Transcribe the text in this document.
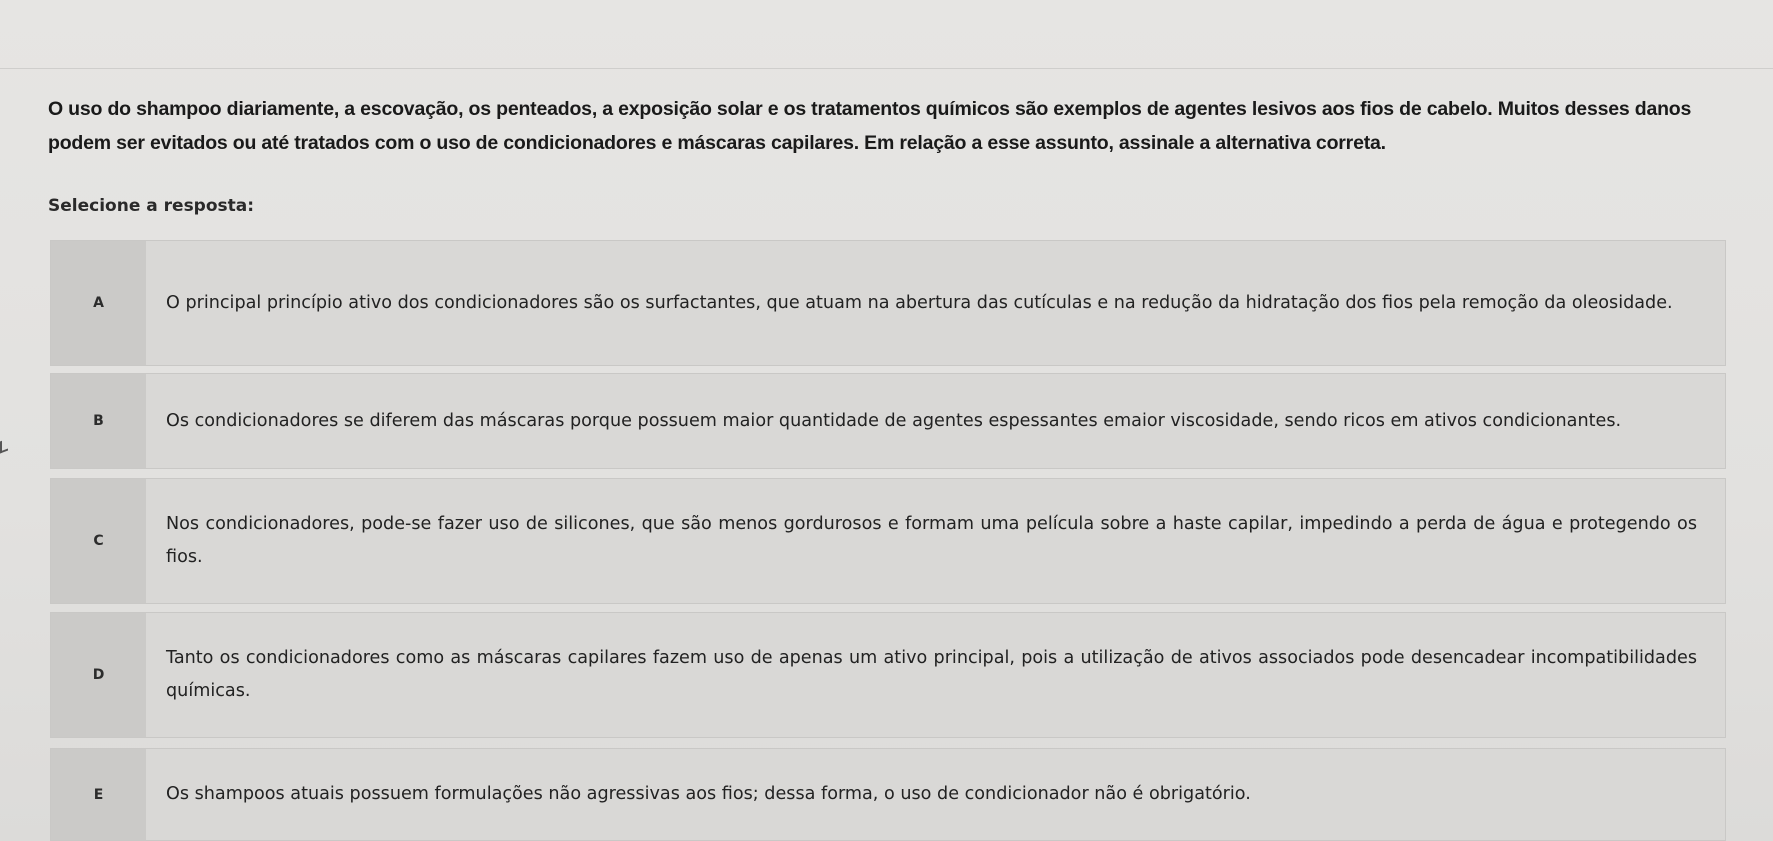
O uso do shampoo diariamente, a escovação, os penteados, a exposição solar e os tratamentos químicos são exemplos de agentes lesivos aos fios de cabelo. Muitos desses danos podem ser evitados ou até tratados com o uso de condicionadores e máscaras capilares. Em relação a esse assunto, assinale a alternativa correta.
Selecione a resposta:
A	O principal princípio ativo dos condicionadores são os surfactantes, que atuam na abertura das cutículas e na redução da hidratação dos fios pela remoção da oleosidade.
B	Os condicionadores se diferem das máscaras porque possuem maior quantidade de agentes espessantes emaior viscosidade, sendo ricos em ativos condicionantes.
C
Nos condicionadores, pode-se fazer uso de silicones, que são menos gordurosos e formam uma película sobre a haste capilar, impedindo a perda de água e protegendo os fios.
D
Tanto os condicionadores como as máscaras capilares fazem uso de apenas um ativo principal, pois a utilização de ativos associados pode desencadear incompatibilidades químicas.
E	Os shampoos atuais possuem formulações não agressivas aos fios; dessa forma, o uso de condicionador não é obrigatório.
